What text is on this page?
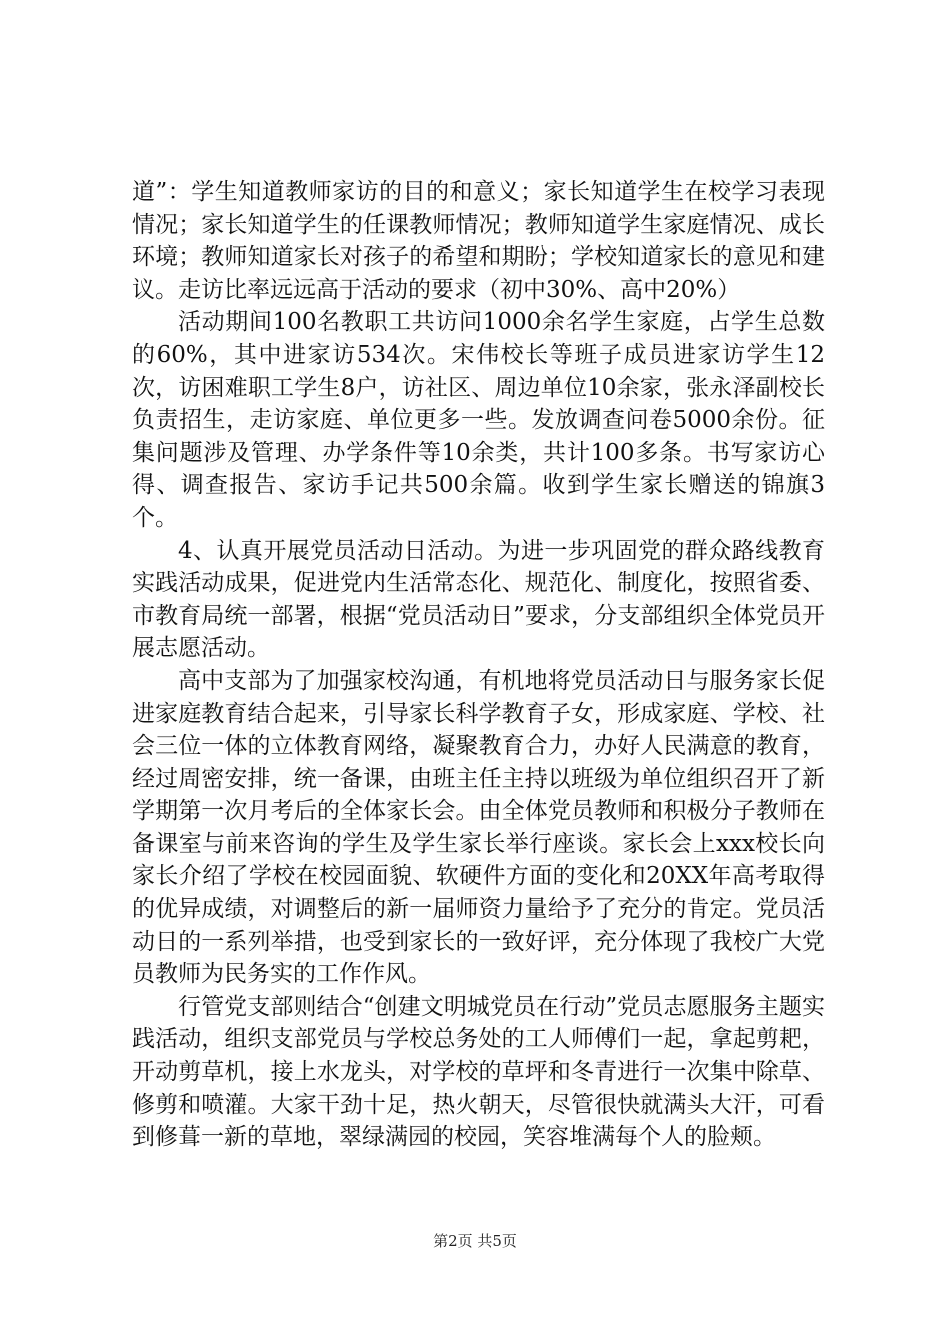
道”：学生知道教师家访的目的和意义；家长知道学生在校学习表现情况；家长知道学生的任课教师情况；教师知道学生家庭情况、成长环境；教师知道家长对孩子的希望和期盼；学校知道家长的意见和建议。走访比率远远高于活动的要求（初中30%、高中20%）

活动期间100名教职工共访问1000余名学生家庭，占学生总数的60%，其中进家访534次。宋伟校长等班子成员进家访学生12次，访困难职工学生8户，访社区、周边单位10余家，张永泽副校长负责招生，走访家庭、单位更多一些。发放调查问卷5000余份。征集问题涉及管理、办学条件等10余类，共计100多条。书写家访心得、调查报告、家访手记共500余篇。收到学生家长赠送的锦旗3个。

4、认真开展党员活动日活动。为进一步巩固党的群众路线教育实践活动成果，促进党内生活常态化、规范化、制度化，按照省委、市教育局统一部署，根据“党员活动日”要求，分支部组织全体党员开展志愿活动。

高中支部为了加强家校沟通，有机地将党员活动日与服务家长促进家庭教育结合起来，引导家长科学教育子女，形成家庭、学校、社会三位一体的立体教育网络，凝聚教育合力，办好人民满意的教育，经过周密安排，统一备课，由班主任主持以班级为单位组织召开了新学期第一次月考后的全体家长会。由全体党员教师和积极分子教师在备课室与前来咨询的学生及学生家长举行座谈。家长会上xxx校长向家长介绍了学校在校园面貌、软硬件方面的变化和20XX年高考取得的优异成绩，对调整后的新一届师资力量给予了充分的肯定。党员活动日的一系列举措，也受到家长的一致好评，充分体现了我校广大党员教师为民务实的工作作风。

行管党支部则结合“创建文明城党员在行动”党员志愿服务主题实践活动，组织支部党员与学校总务处的工人师傅们一起，拿起剪耙，开动剪草机，接上水龙头，对学校的草坪和冬青进行一次集中除草、修剪和喷灌。大家干劲十足，热火朝天，尽管很快就满头大汗，可看到修葺一新的草地，翠绿满园的校园，笑容堆满每个人的脸颊。

第2页 共5页
